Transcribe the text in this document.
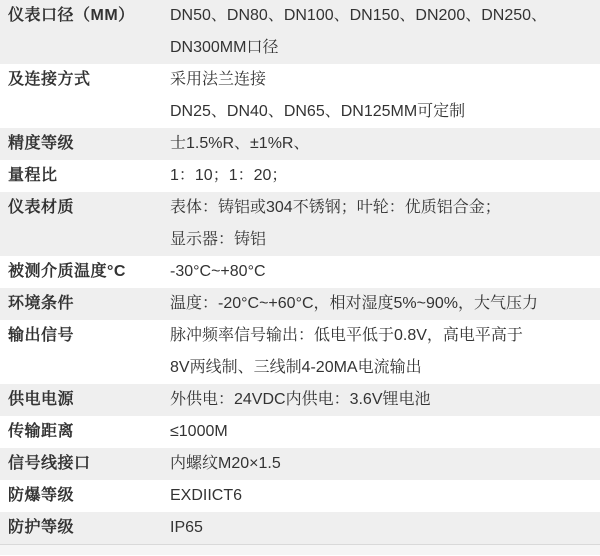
仪表口径（MM）	DN50、DN80、DN100、DN150、DN200、DN250、
DN300MM口径
及连接方式	采用法兰连接
DN25、DN40、DN65、DN125MM可定制
精度等级	士1.5%R、±1%R、
量程比	1：10；1：20；
仪表材质	表体：铸铝或304不锈钢；叶轮：优质铝合金；
显示器：铸铝
被测介质温度°C	-30°C~+80°C
环境条件	温度：-20°C~+60°C，相对湿度5%~90%，大气压力
输出信号	脉冲频率信号输出：低电平低于0.8V，高电平高于
8V两线制、三线制4-20MA电流输出
供电电源	外供电：24VDC内供电：3.6V锂电池
传输距离	≤1000M
信号线接口	内螺纹M20×1.5
防爆等级	EXDIICT6
防护等级	IP65
